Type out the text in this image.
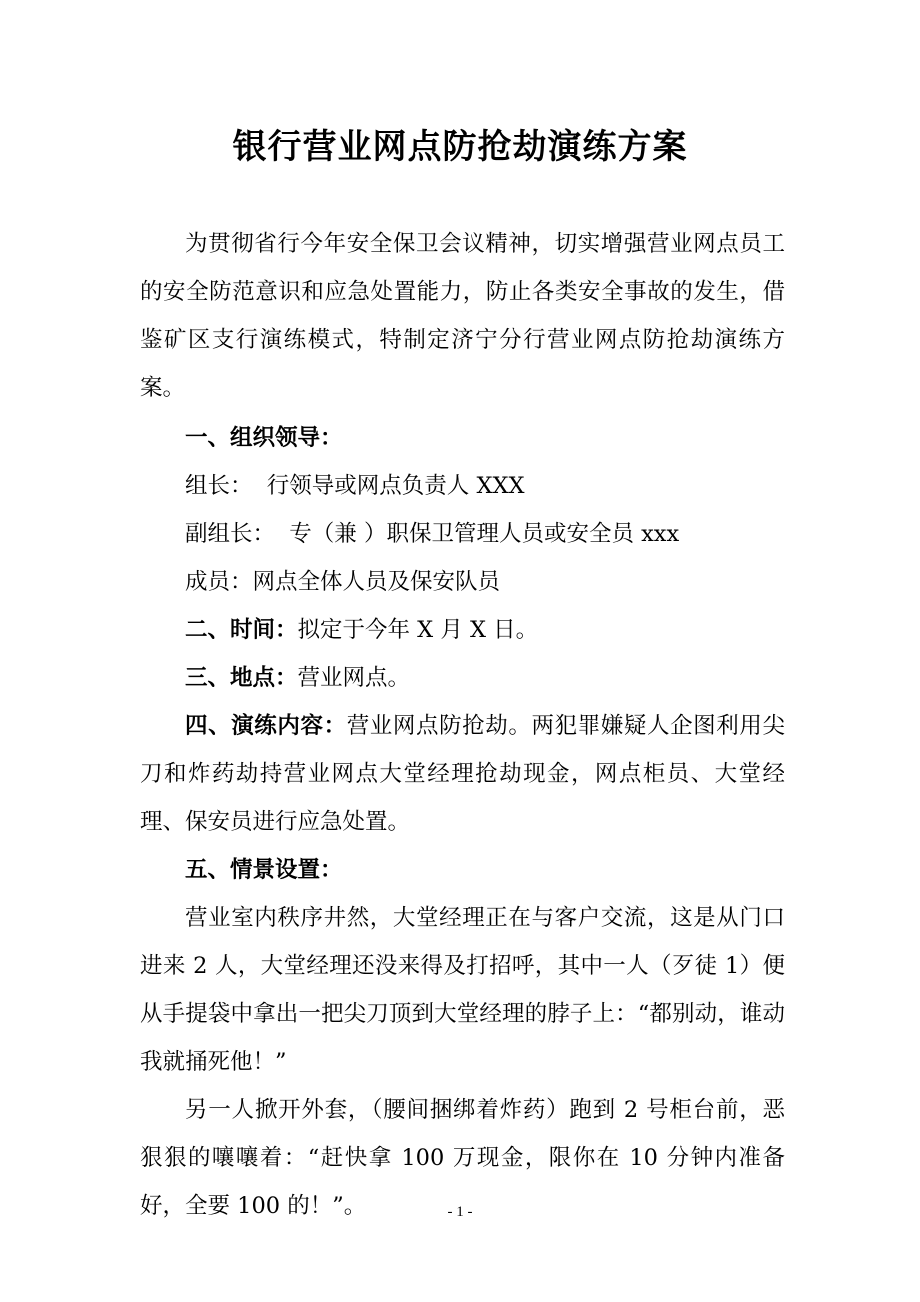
银行营业网点防抢劫演练方案

为贯彻省行今年安全保卫会议精神，切实增强营业网点员工的安全防范意识和应急处置能力，防止各类安全事故的发生，借鉴矿区支行演练模式，特制定济宁分行营业网点防抢劫演练方案。

一、组织领导：

组长：  行领导或网点负责人 XXX

副组长：  专（兼 ）职保卫管理人员或安全员 xxx

成员：网点全体人员及保安队员

二、时间：拟定于今年 X 月 X 日。

三、地点：营业网点。

四、演练内容：营业网点防抢劫。两犯罪嫌疑人企图利用尖刀和炸药劫持营业网点大堂经理抢劫现金，网点柜员、大堂经理、保安员进行应急处置。

五、情景设置：

营业室内秩序井然，大堂经理正在与客户交流，这是从门口进来 2 人，大堂经理还没来得及打招呼，其中一人（歹徒 1）便从手提袋中拿出一把尖刀顶到大堂经理的脖子上：“都别动，谁动我就捅死他！”

另一人掀开外套，（腰间捆绑着炸药）跑到 2 号柜台前，恶狠狠的嚷嚷着：“赶快拿 100 万现金，限你在 10 分钟内准备好，全要 100 的！”。	- 1 -
